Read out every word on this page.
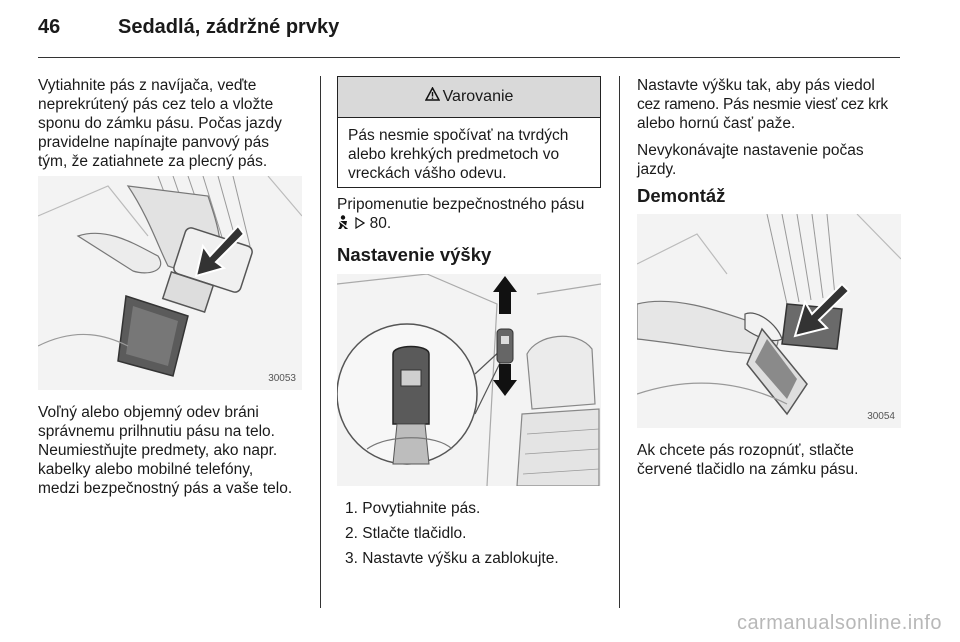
46	Sedadlá, zádržné prvky

Vytiahnite pás z navíjača, veďte

neprekrútený pás cez telo a vložte

sponu do zámku pásu. Počas jazdy

pravidelne napínajte panvový pás

tým, že zatiahnete za plecný pás.

30053

Voľný alebo objemný odev bráni

správnemu prilhnutiu pásu na telo.

Neumiestňujte predmety, ako napr.

kabelky alebo mobilné telefóny,

medzi bezpečnostný pás a vaše telo.

Varovanie
Pás nesmie spočívať na tvrdých
alebo krehkých predmetoch vo
vreckách vášho odevu.

Pripomenutie bezpečnostného pásu

80.

Nastavenie výšky
1. Povytiahnite pás.
2. Stlačte tlačidlo.
3. Nastavte výšku a zablokujte.

Nastavte výšku tak, aby pás viedol

cez rameno. Pás nesmie viesť cez krk

alebo hornú časť paže.

Nevykonávajte nastavenie počas

jazdy.

Demontáž
30054

Ak chcete pás rozopnúť, stlačte

červené tlačidlo na zámku pásu.

carmanualsonline.info
